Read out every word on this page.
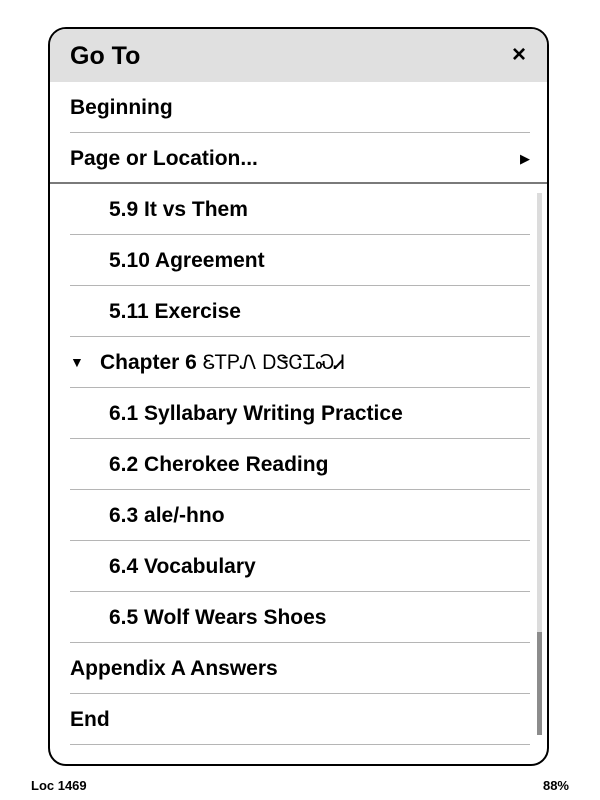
Go To	×
Beginning
Page or Location...	▶
5.9 It vs Them
5.10 Agreement
5.11 Exercise
▼ Chapter 6 ᏋᎢᏢᏁ ᎠᏕᏣᏆᏍᏗ
6.1 Syllabary Writing Practice
6.2 Cherokee Reading
6.3 ale/-hno
6.4 Vocabulary
6.5 Wolf Wears Shoes
Appendix A Answers
End
Loc 1469	88%
